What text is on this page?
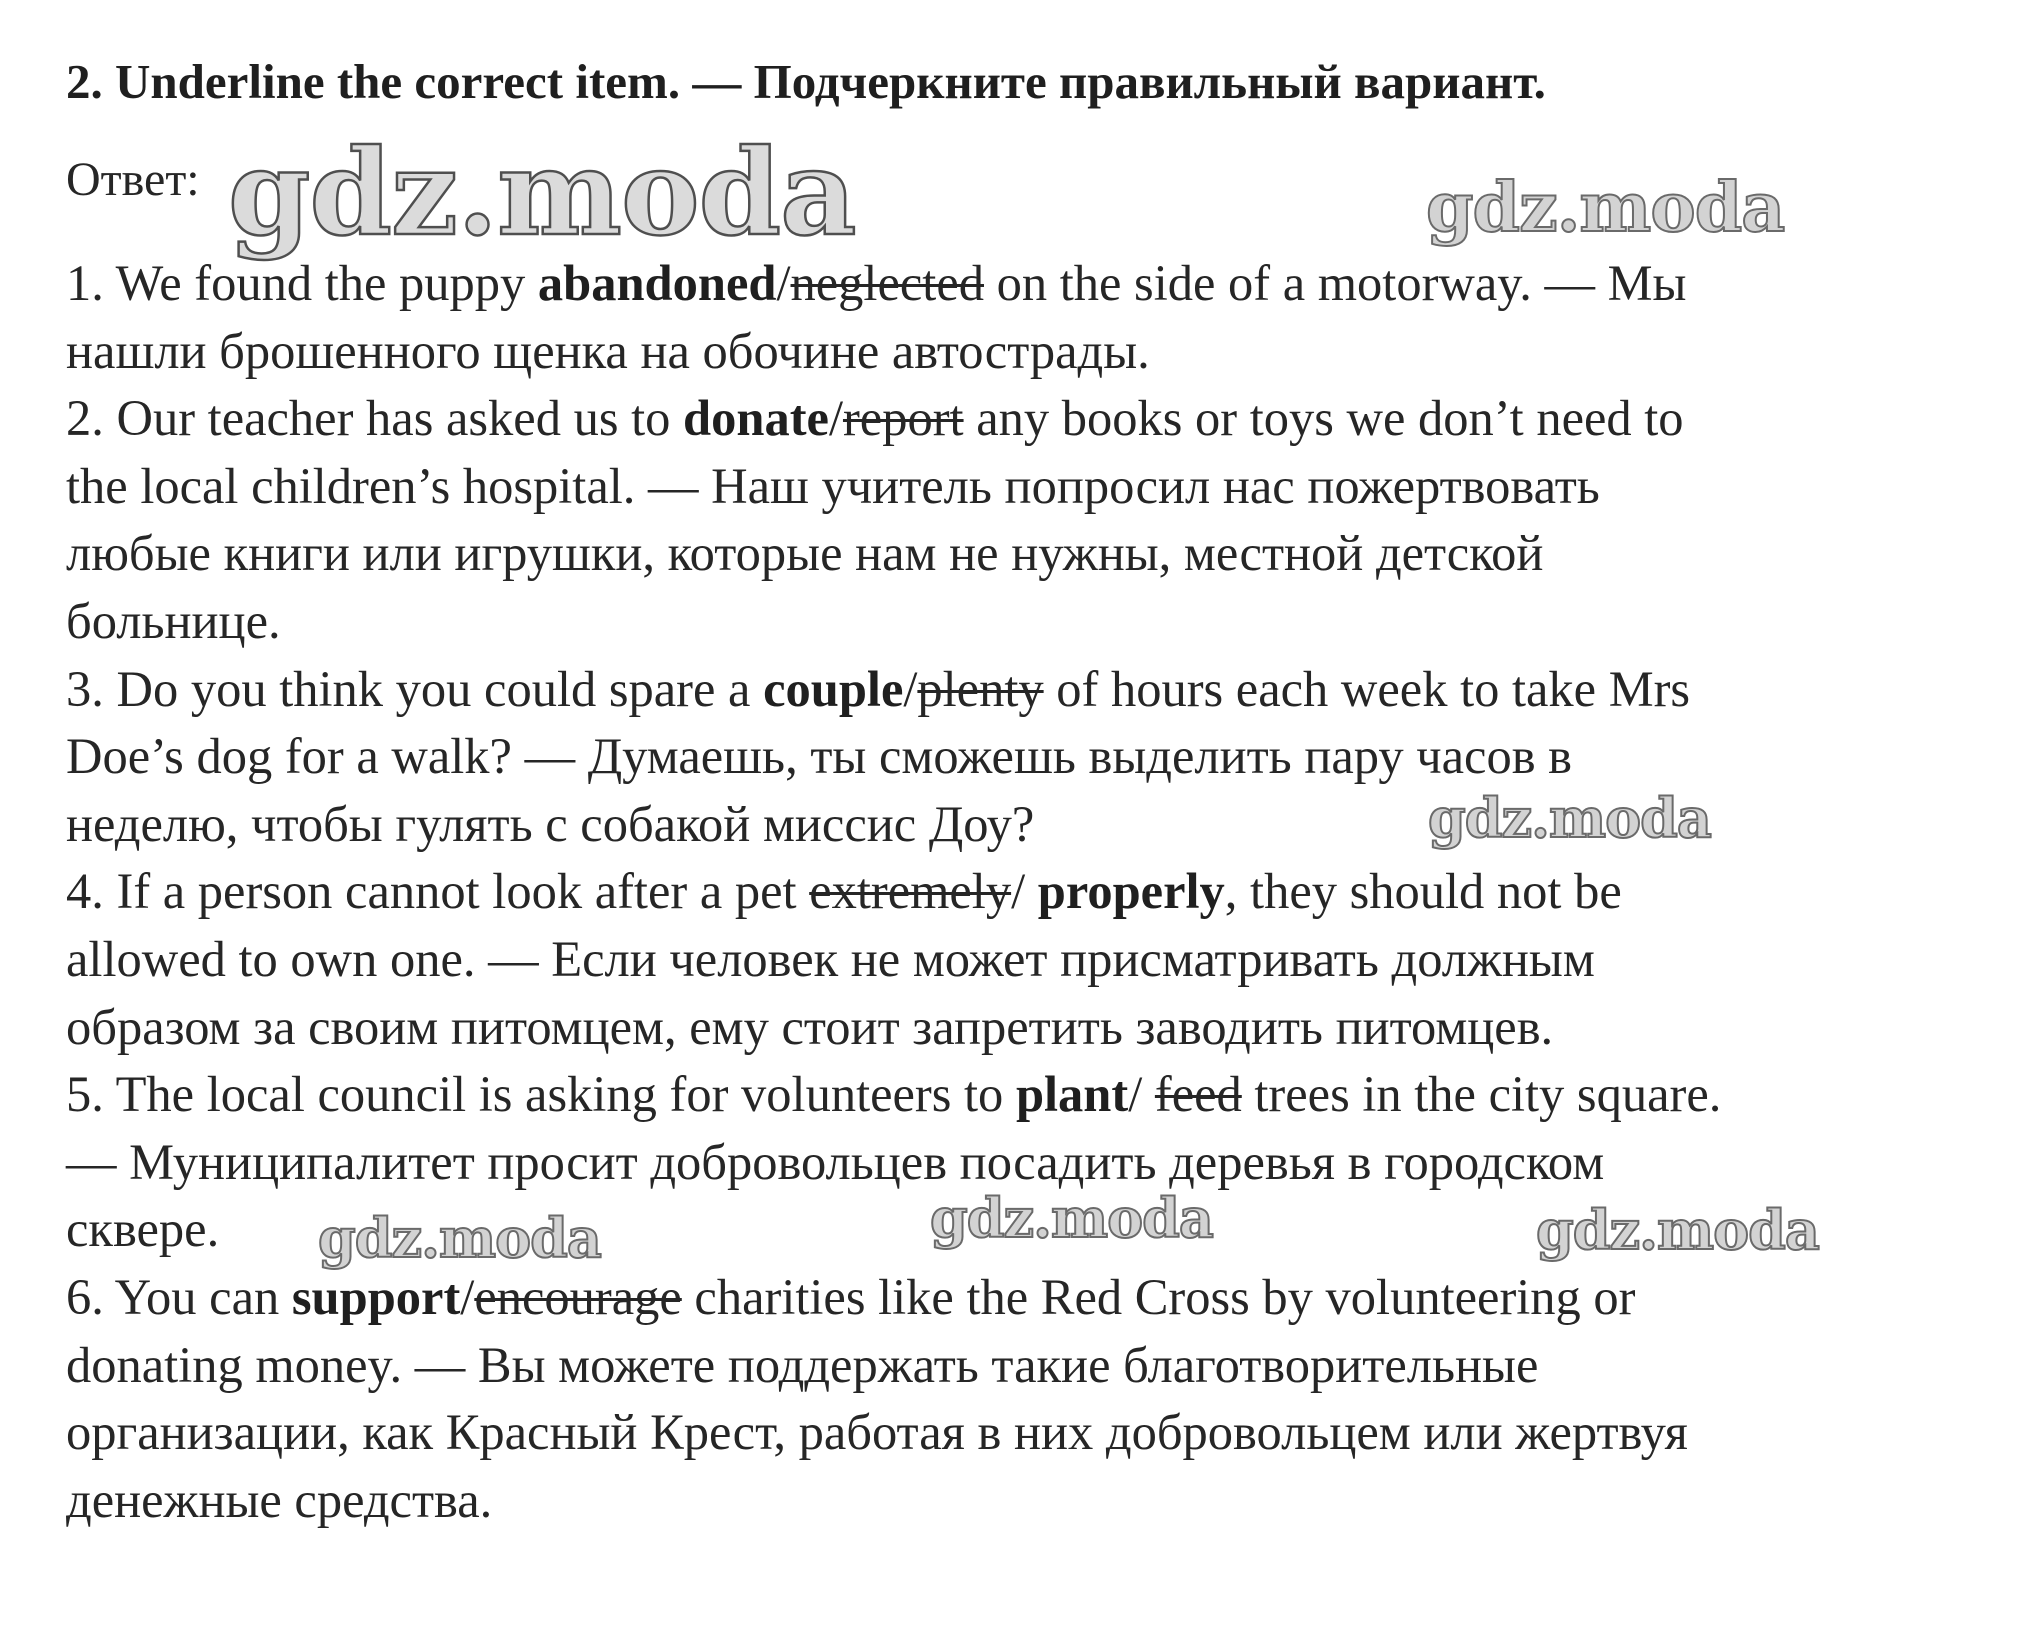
2. Underline the correct item. — Подчеркните правильный вариант.
Ответ:
1. We found the puppy abandoned/neglected on the side of a motorway. — Мы
нашли брошенного щенка на обочине автострады.
2. Our teacher has asked us to donate/report any books or toys we don’t need to
the local children’s hospital. — Наш учитель попросил нас пожертвовать
любые книги или игрушки, которые нам не нужны, местной детской
больнице.
3. Do you think you could spare a couple/plenty of hours each week to take Mrs
Doe’s dog for a walk? — Думаешь, ты сможешь выделить пару часов в
неделю, чтобы гулять с собакой миссис Доу?
4. If a person cannot look after a pet extremely/ properly, they should not be
allowed to own one. — Если человек не может присматривать должным
образом за своим питомцем, ему стоит запретить заводить питомцев.
5. The local council is asking for volunteers to plant/ feed trees in the city square.
— Муниципалитет просит добровольцев посадить деревья в городском
сквере.
6. You can support/encourage charities like the Red Cross by volunteering or
donating money. — Вы можете поддержать такие благотворительные
организации, как Красный Крест, работая в них добровольцем или жертвуя
денежные средства.
gdz.moda	gdz.moda
gdz.moda
gdz.moda	gdz.moda	gdz.moda
